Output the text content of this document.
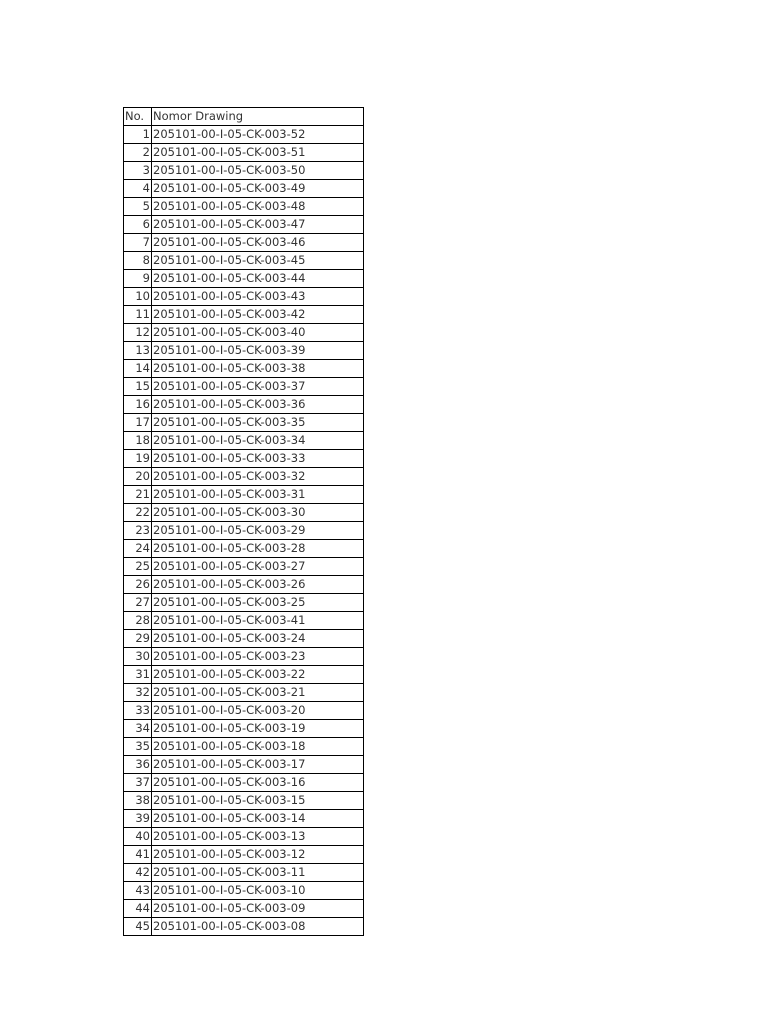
No.	Nomor Drawing
1	205101-00-I-05-CK-003-52
2	205101-00-I-05-CK-003-51
3	205101-00-I-05-CK-003-50
4	205101-00-I-05-CK-003-49
5	205101-00-I-05-CK-003-48
6	205101-00-I-05-CK-003-47
7	205101-00-I-05-CK-003-46
8	205101-00-I-05-CK-003-45
9	205101-00-I-05-CK-003-44
10	205101-00-I-05-CK-003-43
11	205101-00-I-05-CK-003-42
12	205101-00-I-05-CK-003-40
13	205101-00-I-05-CK-003-39
14	205101-00-I-05-CK-003-38
15	205101-00-I-05-CK-003-37
16	205101-00-I-05-CK-003-36
17	205101-00-I-05-CK-003-35
18	205101-00-I-05-CK-003-34
19	205101-00-I-05-CK-003-33
20	205101-00-I-05-CK-003-32
21	205101-00-I-05-CK-003-31
22	205101-00-I-05-CK-003-30
23	205101-00-I-05-CK-003-29
24	205101-00-I-05-CK-003-28
25	205101-00-I-05-CK-003-27
26	205101-00-I-05-CK-003-26
27	205101-00-I-05-CK-003-25
28	205101-00-I-05-CK-003-41
29	205101-00-I-05-CK-003-24
30	205101-00-I-05-CK-003-23
31	205101-00-I-05-CK-003-22
32	205101-00-I-05-CK-003-21
33	205101-00-I-05-CK-003-20
34	205101-00-I-05-CK-003-19
35	205101-00-I-05-CK-003-18
36	205101-00-I-05-CK-003-17
37	205101-00-I-05-CK-003-16
38	205101-00-I-05-CK-003-15
39	205101-00-I-05-CK-003-14
40	205101-00-I-05-CK-003-13
41	205101-00-I-05-CK-003-12
42	205101-00-I-05-CK-003-11
43	205101-00-I-05-CK-003-10
44	205101-00-I-05-CK-003-09
45	205101-00-I-05-CK-003-08
